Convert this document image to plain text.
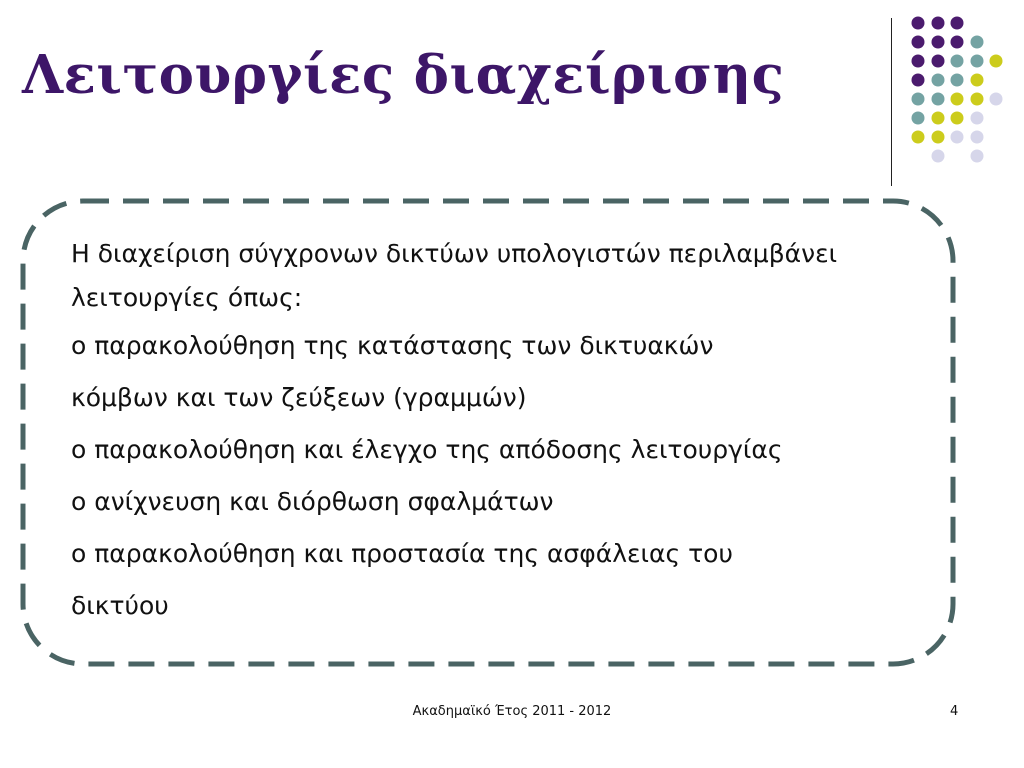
Λειτουργίες διαχείρισης
Η διαχείριση σύγχρονων δικτύων υπολογιστών περιλαμβάνει λειτουργίες όπως:
o παρακολούθηση της κατάστασης των δικτυακών
κόμβων και των ζεύξεων (γραμμών)
o παρακολούθηση και έλεγχο της απόδοσης λειτουργίας
o ανίχνευση και διόρθωση σφαλμάτων
o παρακολούθηση και προστασία της ασφάλειας του
δικτύου
Ακαδημαϊκό Έτος 2011 - 2012	4
